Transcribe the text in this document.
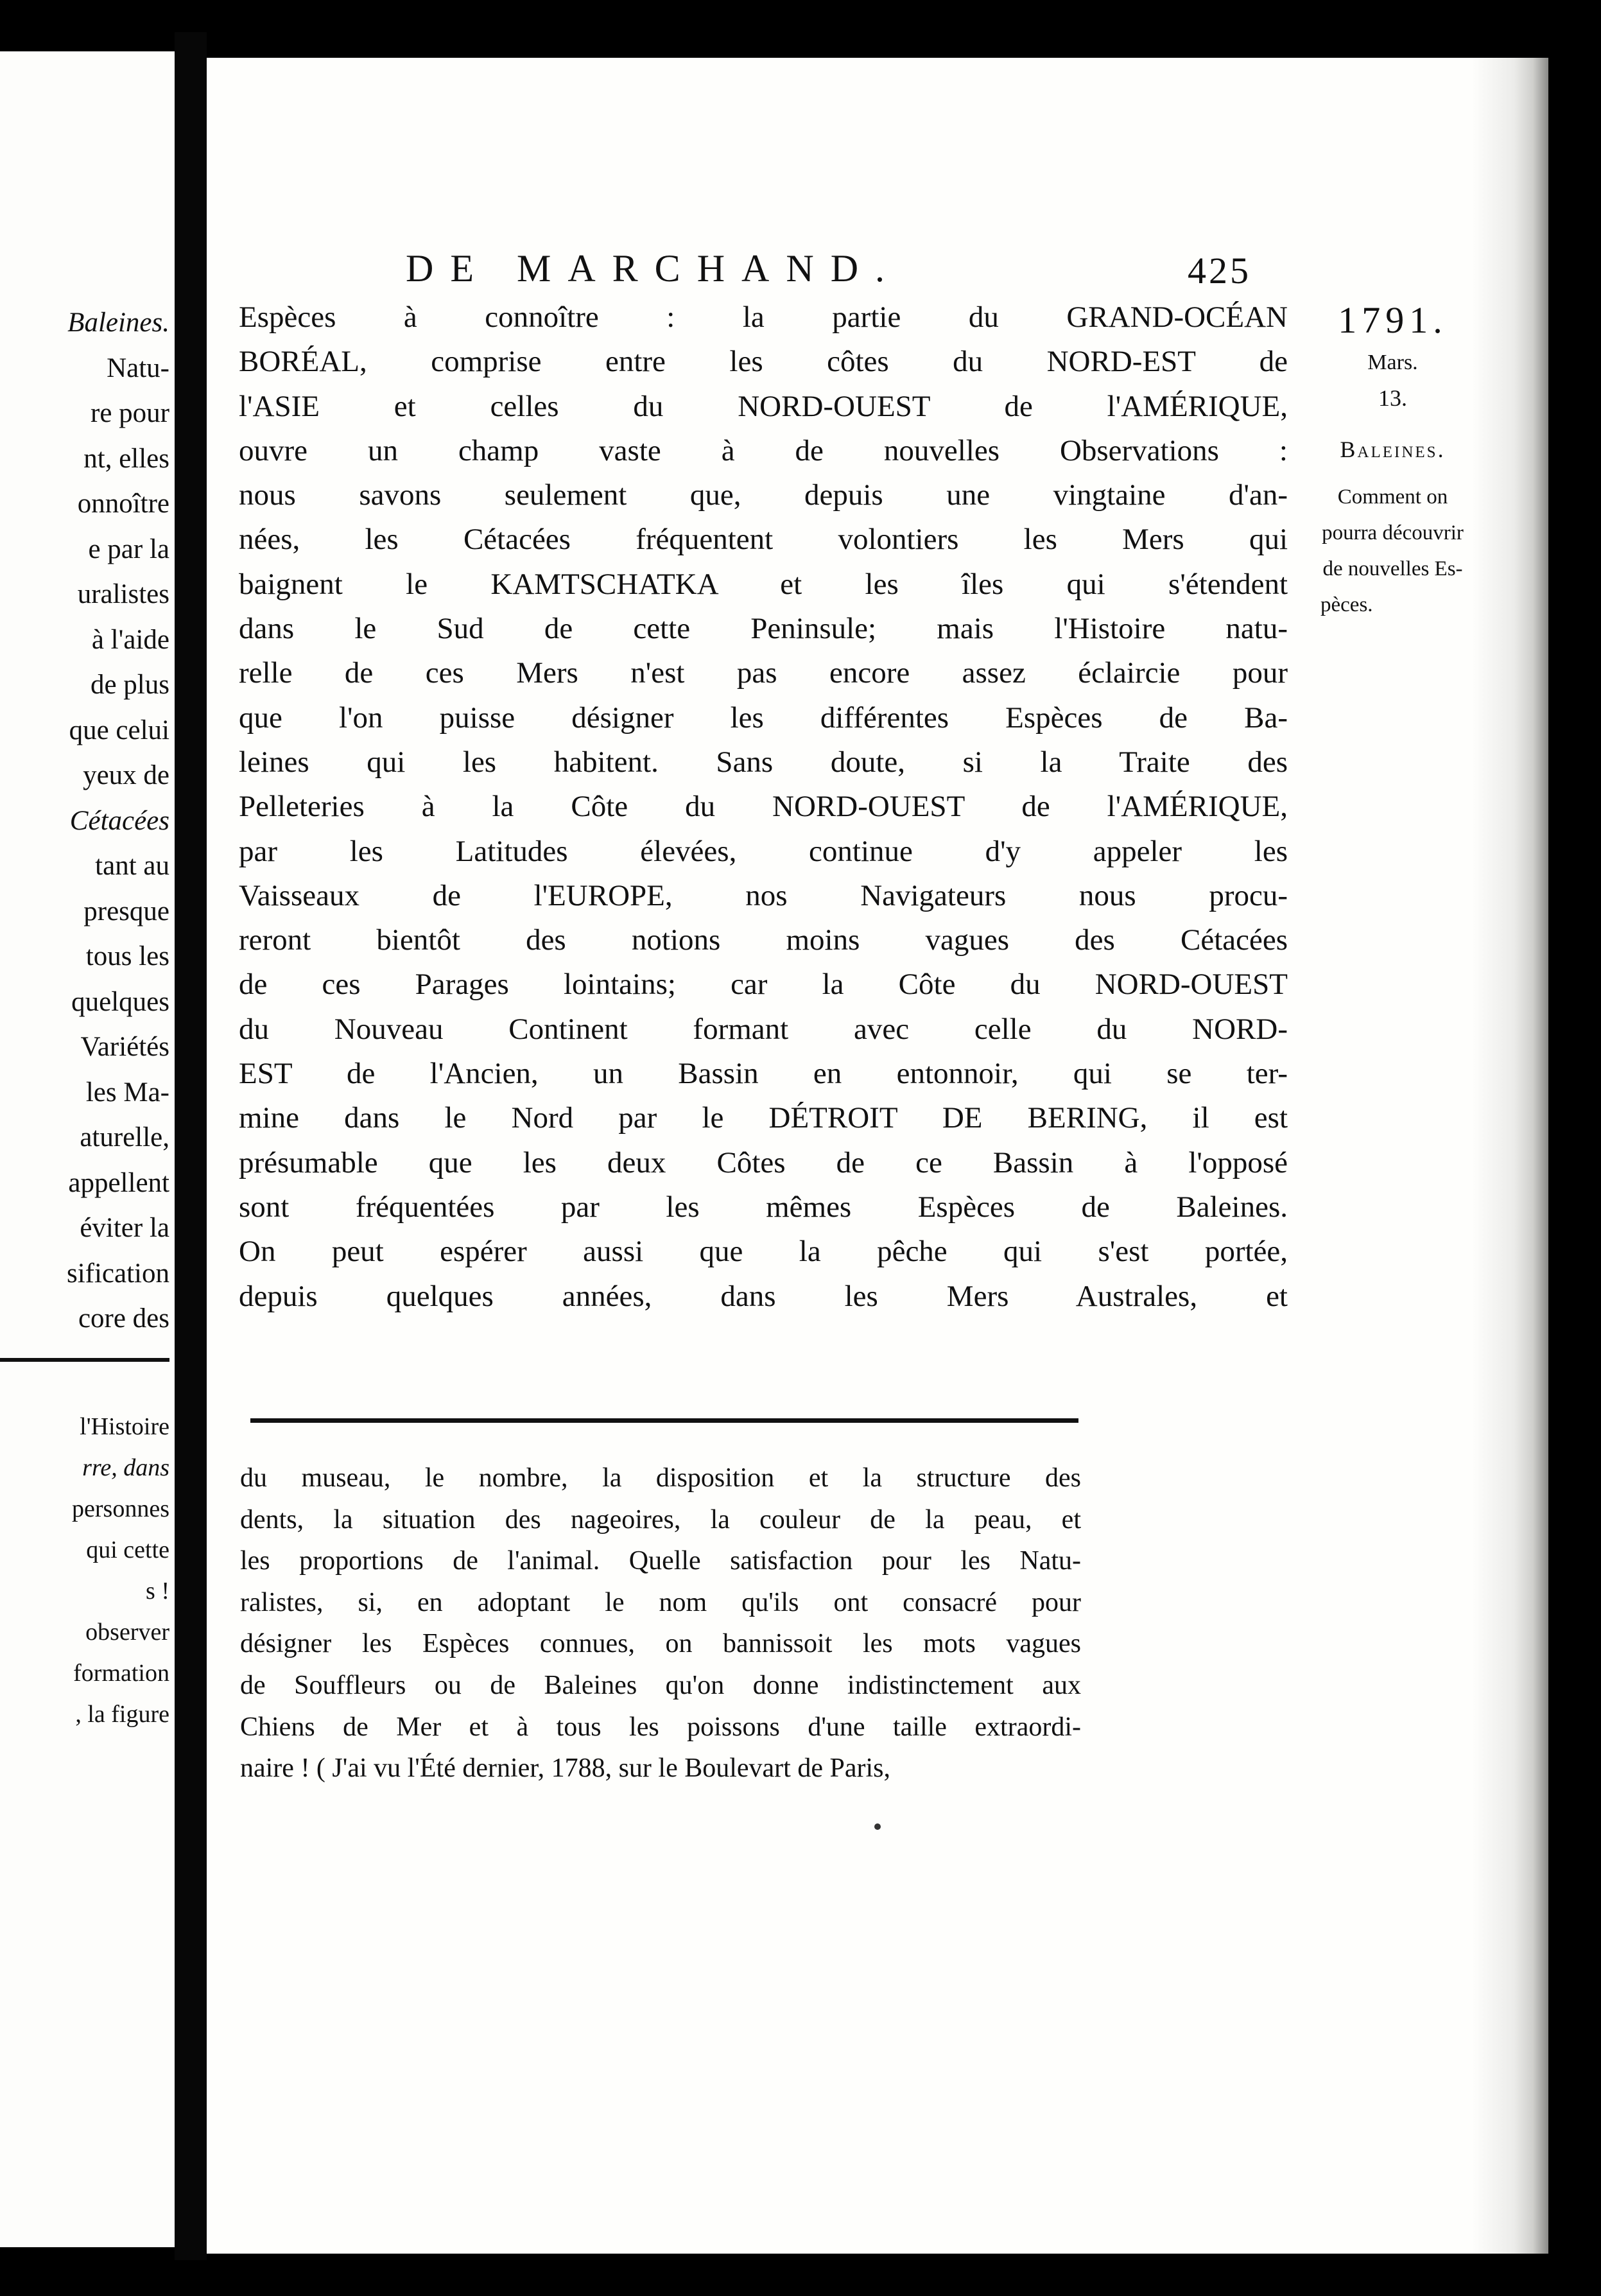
Baleines.
Natu-
re pour
nt, elles
onnoître
e par la
uralistes
à l'aide
de plus
que celui
yeux de
Cétacées
tant au
presque
tous les
quelques
Variétés
les Ma-
aturelle,
appellent
éviter la
sification
core des
l'Histoire
rre, dans
personnes
qui cette
s !
observer
formation
, la figure
DE MARCHAND.	425
Espèces à connoître : la partie du GRAND-OCÉAN
BORÉAL, comprise entre les côtes du NORD-EST de
l'ASIE et celles du NORD-OUEST de l'AMÉRIQUE,
ouvre un champ vaste à de nouvelles Observations :
nous savons seulement que, depuis une vingtaine d'an-
nées, les Cétacées fréquentent volontiers les Mers qui
baignent le KAMTSCHATKA et les îles qui s'étendent
dans le Sud de cette Peninsule; mais l'Histoire natu-
relle de ces Mers n'est pas encore assez éclaircie pour
que l'on puisse désigner les différentes Espèces de Ba-
leines qui les habitent. Sans doute, si la Traite des
Pelleteries à la Côte du NORD-OUEST de l'AMÉRIQUE,
par les Latitudes élevées, continue d'y appeler les
Vaisseaux de l'EUROPE, nos Navigateurs nous procu-
reront bientôt des notions moins vagues des Cétacées
de ces Parages lointains; car la Côte du NORD-OUEST
du Nouveau Continent formant avec celle du NORD-
EST de l'Ancien, un Bassin en entonnoir, qui se ter-
mine dans le Nord par le DÉTROIT DE BERING, il est
présumable que les deux Côtes de ce Bassin à l'opposé
sont fréquentées par les mêmes Espèces de Baleines.
On peut espérer aussi que la pêche qui s'est portée,
depuis quelques années, dans les Mers Australes, et
1791.
Mars.
13.
Baleines.
Comment on
pourra découvrir
de nouvelles Es-
pèces.
du museau, le nombre, la disposition et la structure des
dents, la situation des nageoires, la couleur de la peau, et
les proportions de l'animal. Quelle satisfaction pour les Natu-
ralistes, si, en adoptant le nom qu'ils ont consacré pour
désigner les Espèces connues, on bannissoit les mots vagues
de Souffleurs ou de Baleines qu'on donne indistinctement aux
Chiens de Mer et à tous les poissons d'une taille extraordi-
naire ! ( J'ai vu l'Été dernier, 1788, sur le Boulevart de Paris,
